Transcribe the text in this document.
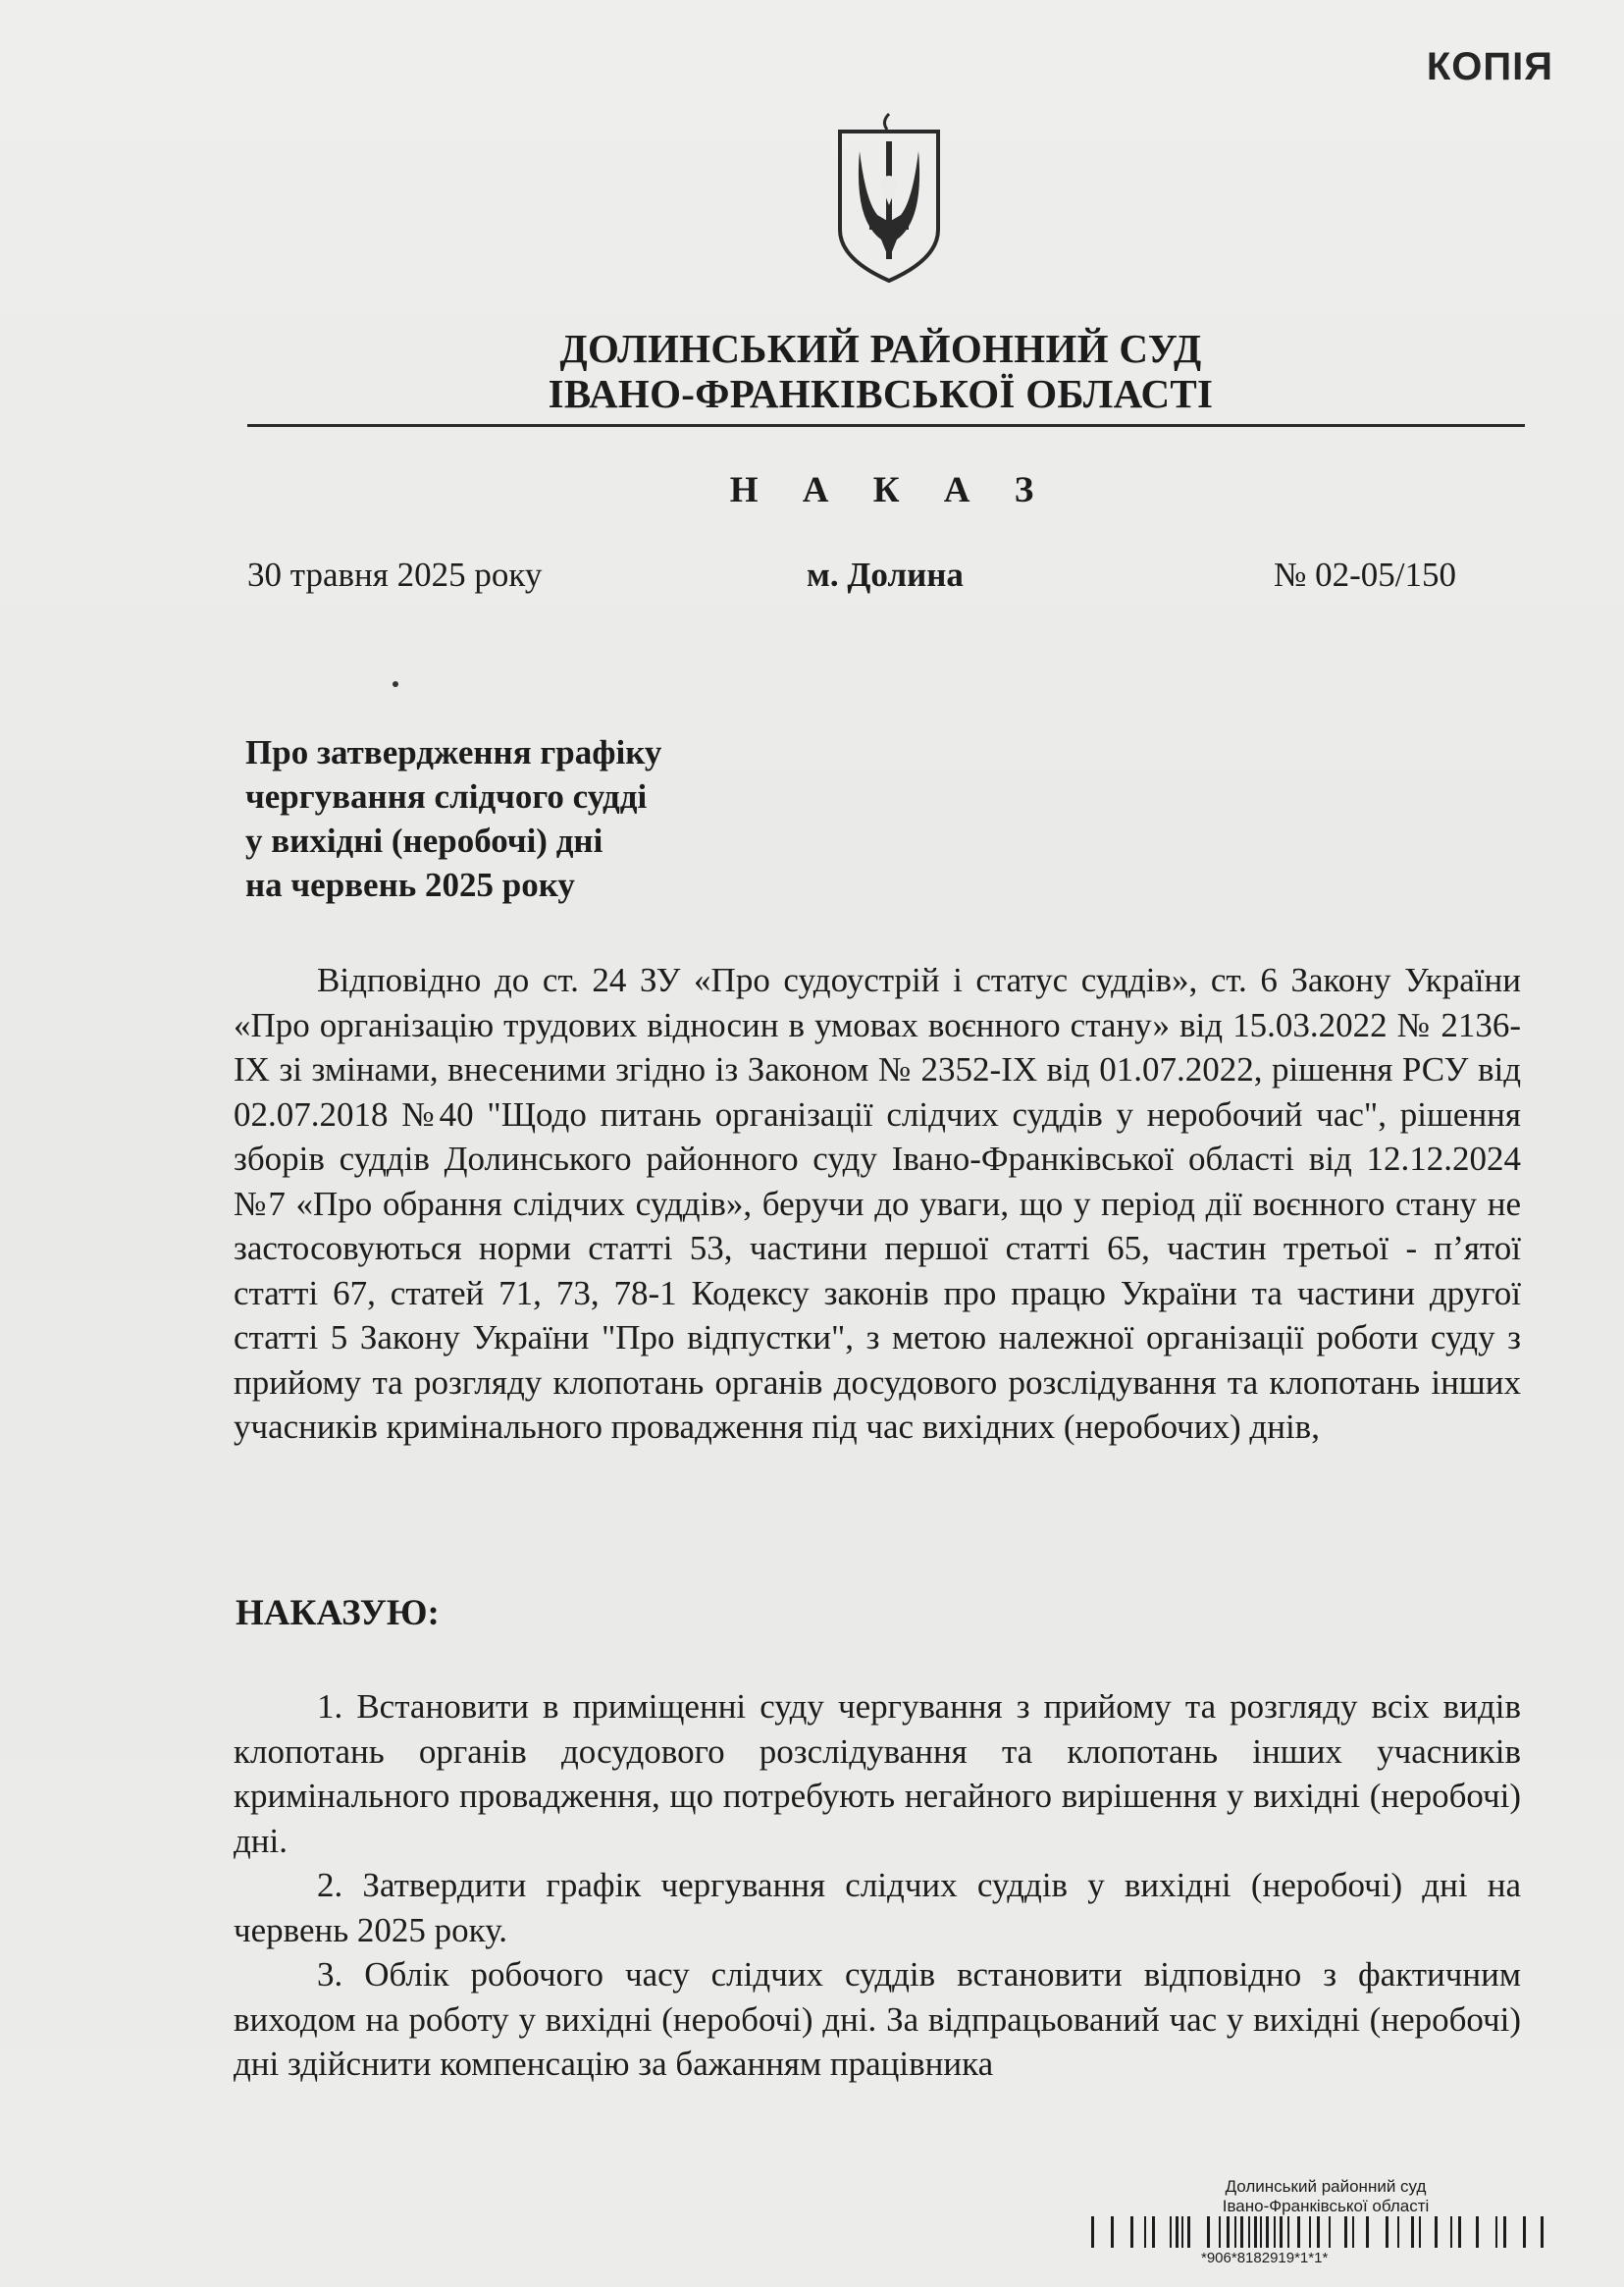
КОПІЯ
ДОЛИНСЬКИЙ РАЙОННИЙ СУД
ІВАНО-ФРАНКІВСЬКОЇ ОБЛАСТІ
Н А К А З
30 травня 2025 року	м. Долина	№ 02-05/150
Про затвердження графіку
чергування слідчого судді
у вихідні (неробочі) дні
на червень 2025 року
Відповідно до ст. 24 ЗУ «Про судоустрій і статус суддів», ст. 6 Закону України «Про організацію трудових відносин в умовах воєнного стану» від 15.03.2022 № 2136-IX зі змінами, внесеними згідно із Законом № 2352-IX від 01.07.2022, рішення РСУ від 02.07.2018 №40 "Щодо питань організації слідчих суддів у неробочий час", рішення зборів суддів Долинського районного суду Івано-Франківської області від 12.12.2024 №7 «Про обрання слідчих суддів», беручи до уваги, що у період дії воєнного стану не застосовуються норми статті 53, частини першої статті 65, частин третьої - п’ятої статті 67, статей 71, 73, 78-1 Кодексу законів про працю України та частини другої статті 5 Закону України "Про відпустки", з метою належної організації роботи суду з прийому та розгляду клопотань органів досудового розслідування та клопотань інших учасників кримінального провадження під час вихідних (неробочих) днів,
НАКАЗУЮ:

1. Встановити в приміщенні суду чергування з прийому та розгляду всіх видів клопотань органів досудового розслідування та клопотань інших учасників кримінального провадження, що потребують негайного вирішення у вихідні (неробочі) дні.

2. Затвердити графік чергування слідчих суддів у вихідні (неробочі) дні на червень 2025 року.

3. Облік робочого часу слідчих суддів встановити відповідно з фактичним виходом на роботу у вихідні (неробочі) дні. За відпрацьований час у вихідні (неробочі) дні здійснити компенсацію за бажанням працівника

Долинський районний суд
Івано-Франківської області
*906*8182919*1*1*
